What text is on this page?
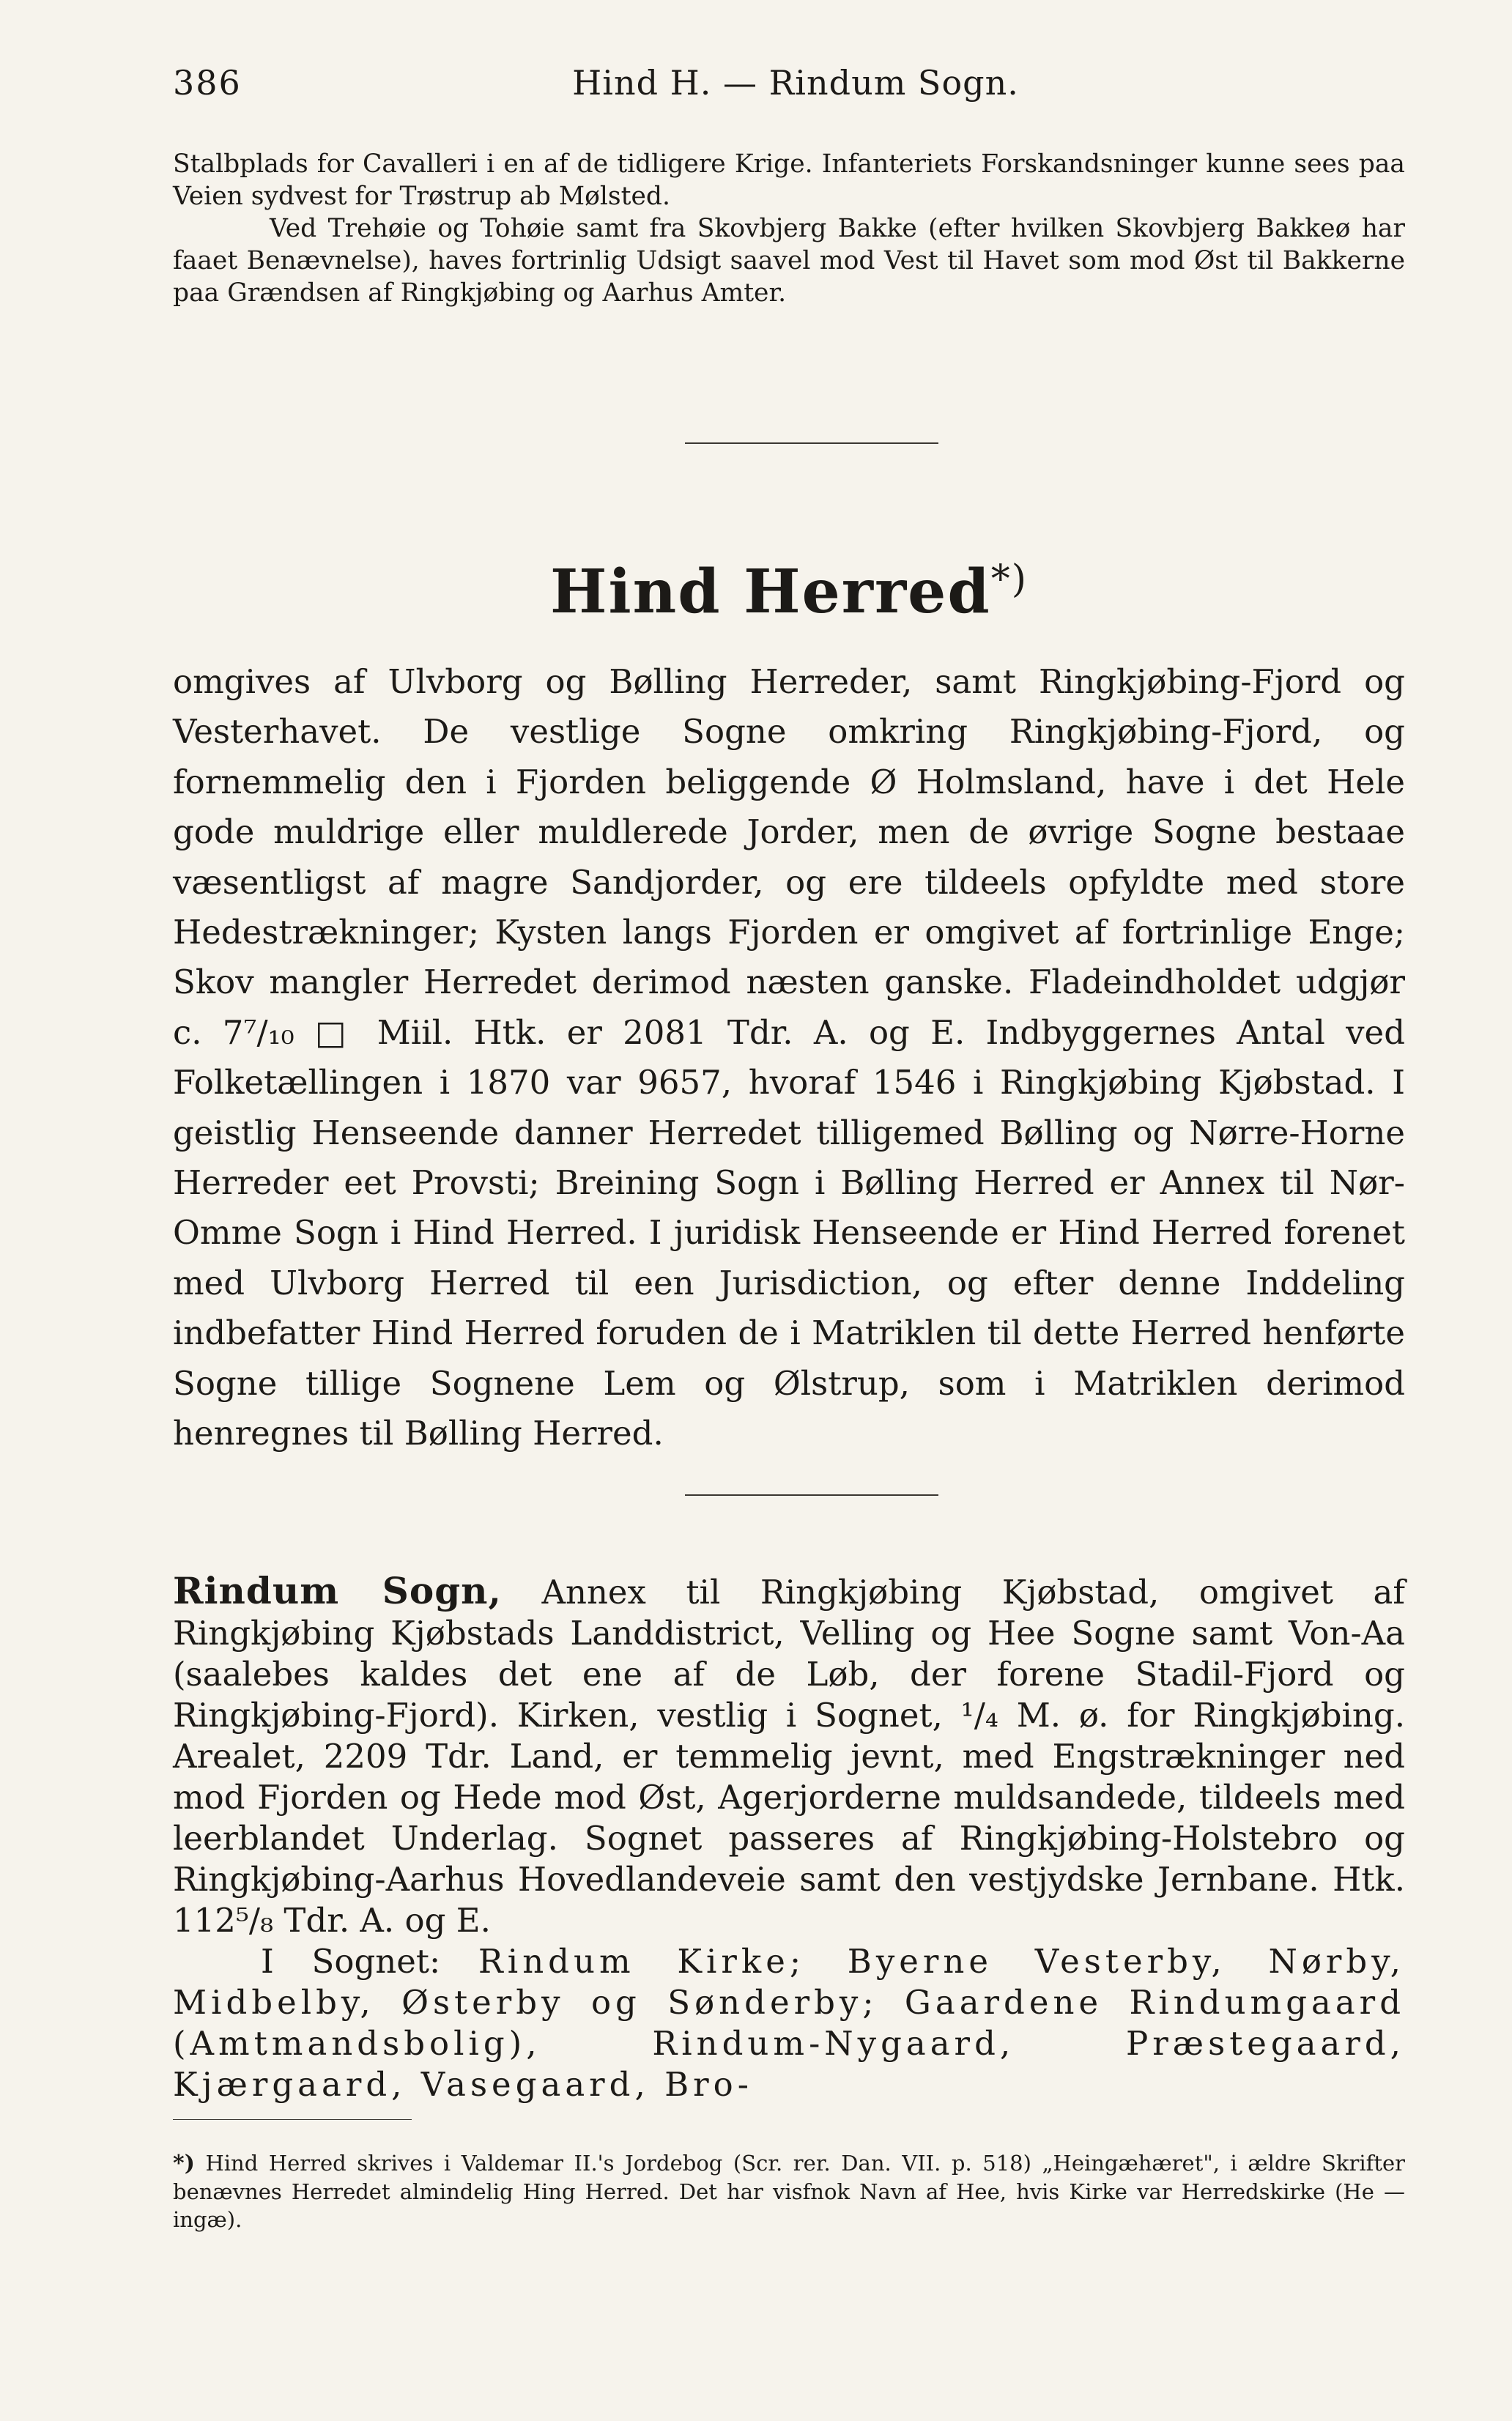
386	Hind H. — Rindum Sogn.

Stalbplads for Cavalleri i en af de tidligere Krige. Infanteriets Forskandsninger kunne sees paa Veien sydvest for Trøstrup ab Mølsted.

Ved Trehøie og Tohøie samt fra Skovbjerg Bakke (efter hvilken Skovbjerg Bakkeø har faaet Benævnelse), haves fortrinlig Udsigt saavel mod Vest til Havet som mod Øst til Bakkerne paa Grændsen af Ringkjøbing og Aarhus Amter.

Hind Herred*)

omgives af Ulvborg og Bølling Herreder, samt Ringkjøbing-Fjord og Vesterhavet. De vestlige Sogne omkring Ringkjøbing-Fjord, og fornemmelig den i Fjorden beliggende Ø Holmsland, have i det Hele gode muldrige eller muldlerede Jorder, men de øvrige Sogne bestaae væsentligst af magre Sandjorder, og ere tildeels opfyldte med store Hedestrækninger; Kysten langs Fjorden er omgivet af fortrinlige Enge; Skov mangler Herredet derimod næsten ganske. Fladeindholdet udgjør c. 7⁷/₁₀ □ Miil. Htk. er 2081 Tdr. A. og E. Indbyggernes Antal ved Folketællingen i 1870 var 9657, hvoraf 1546 i Ringkjøbing Kjøbstad. I geistlig Henseende danner Herredet tilligemed Bølling og Nørre-Horne Herreder eet Provsti; Breining Sogn i Bølling Herred er Annex til Nør-Omme Sogn i Hind Herred. I juridisk Henseende er Hind Herred forenet med Ulvborg Herred til een Jurisdiction, og efter denne Inddeling indbefatter Hind Herred foruden de i Matriklen til dette Herred henførte Sogne tillige Sognene Lem og Ølstrup, som i Matriklen derimod henregnes til Bølling Herred.

Rindum Sogn, Annex til Ringkjøbing Kjøbstad, omgivet af Ringkjøbing Kjøbstads Landdistrict, Velling og Hee Sogne samt Von-Aa (saalebes kaldes det ene af de Løb, der forene Stadil-Fjord og Ringkjøbing-Fjord). Kirken, vestlig i Sognet, ¹/₄ M. ø. for Ringkjøbing. Arealet, 2209 Tdr. Land, er temmelig jevnt, med Engstrækninger ned mod Fjorden og Hede mod Øst, Agerjorderne muldsandede, tildeels med leerblandet Underlag. Sognet passeres af Ringkjøbing-Holstebro og Ringkjøbing-Aarhus Hovedlandeveie samt den vestjydske Jernbane. Htk. 112⁵/₈ Tdr. A. og E.

I Sognet: Rindum Kirke; Byerne Vesterby, Nørby, Midbelby, Østerby og Sønderby; Gaardene Rindumgaard (Amtmandsbolig), Rindum-Nygaard, Præstegaard, Kjærgaard, Vasegaard, Bro-

*) Hind Herred skrives i Valdemar II.'s Jordebog (Scr. rer. Dan. VII. p. 518) „Heingæhæret", i ældre Skrifter benævnes Herredet almindelig Hing Herred. Det har visfnok Navn af Hee, hvis Kirke var Herredskirke (He — ingæ).
